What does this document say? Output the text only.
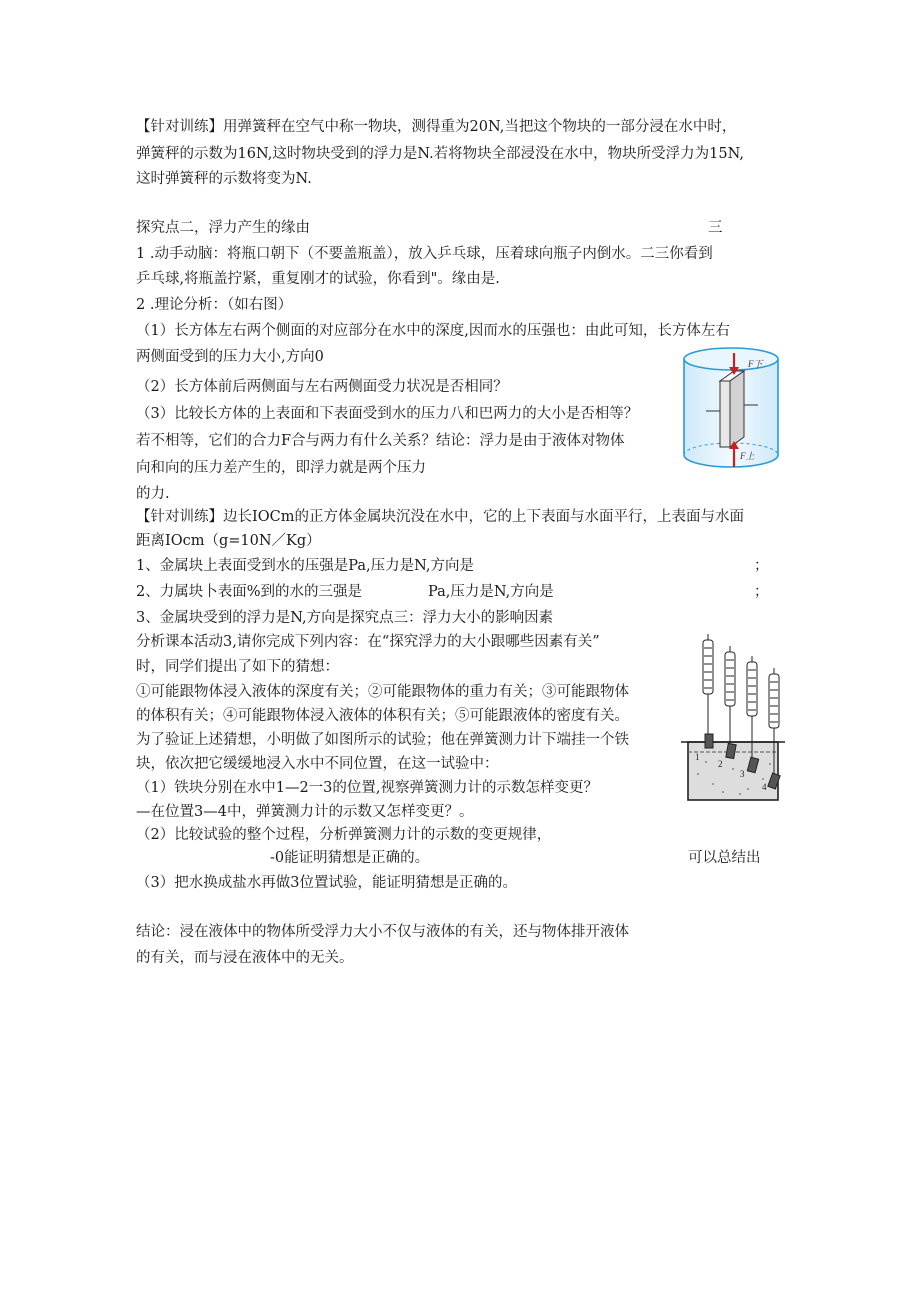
【针对训练】用弹簧秤在空气中称一物块，测得重为20N,当把这个物块的一部分浸在水中时，
弹簧秤的示数为16N,这时物块受到的浮力是N.若将物块全部浸没在水中，物块所受浮力为15N,
这时弹簧秤的示数将变为N.
探究点二，浮力产生的缘由	三
1 .动手动脑：将瓶口朝下（不要盖瓶盖），放入乒乓球，压着球向瓶子内倒水。二三你看到
乒乓球,将瓶盖拧紧，重复刚才的试验，你看到"。缘由是.
2 .理论分析：（如右图）
（1）长方体左右两个侧面的对应部分在水中的深度,因而水的压强也：由此可知，长方体左右
两侧面受到的压力大小,方向0
（2）长方体前后两侧面与左右两侧面受力状况是否相同？
（3）比较长方体的上表面和下表面受到水的压力八和巴两力的大小是否相等？
若不相等，它们的合力F合与两力有什么关系？结论：浮力是由于液体对物体
向和向的压力差产生的，即浮力就是两个压力
的力.
F下
F上
【针对训练】边长IOCm的正方体金属块沉没在水中，它的上下表面与水面平行，上表面与水面
距离IOcm（g=10N／Kg）
1、金属块上表面受到水的压强是Pa,压力是N,方向是	；
2、力属块卜表面%到的水的三强是	Pa,压力是N,方向是	；
3、金属块受到的浮力是N,方向是探究点三：浮力大小的影响因素
分析课本活动3,请你完成下列内容：在“探究浮力的大小跟哪些因素有关”
时，同学们提出了如下的猜想：
①可能跟物体浸入液体的深度有关；②可能跟物体的重力有关；③可能跟物体
的体积有关；④可能跟物体浸入液体的体积有关；⑤可能跟液体的密度有关。
为了验证上述猜想，小明做了如图所示的试验；他在弹簧测力计下端挂一个铁
块，依次把它缓缓地浸入水中不同位置，在这一试验中：
（1）铁块分别在水中1—2一3的位置,视察弹簧测力计的示数怎样变更？
—在位置3—4中，弹簧测力计的示数又怎样变更？。
（2）比较试验的整个过程，分析弹簧测力计的示数的变更规律，
-0能证明猜想是正确的。	可以总结出
（3）把水换成盐水再做3位置试验，能证明猜想是正确的。
1
2
3
4
结论：浸在液体中的物体所受浮力大小不仅与液体的有关，还与物体排开液体
的有关，而与浸在液体中的无关。
